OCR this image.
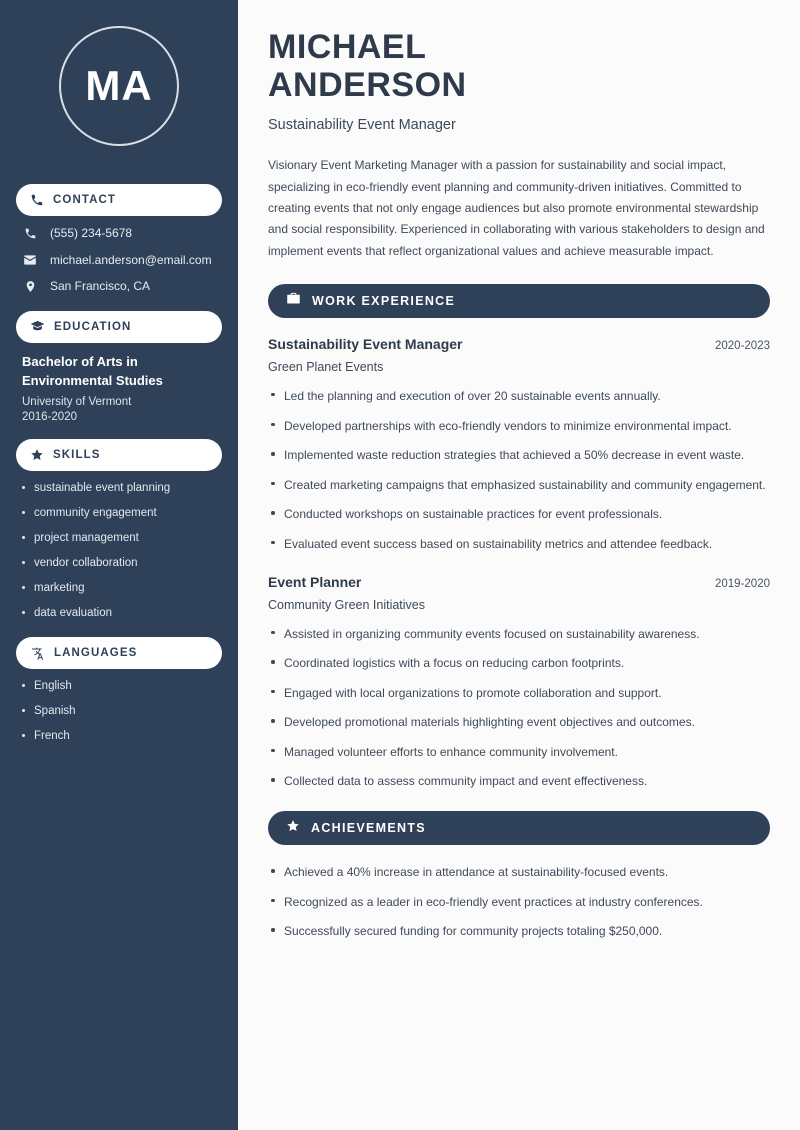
MA
CONTACT
(555) 234-5678
michael.anderson@email.com
San Francisco, CA
EDUCATION
Bachelor of Arts in Environmental Studies
University of Vermont
2016-2020
SKILLS
sustainable event planning
community engagement
project management
vendor collaboration
marketing
data evaluation
LANGUAGES
English
Spanish
French
MICHAEL
ANDERSON
Sustainability Event Manager

Visionary Event Marketing Manager with a passion for sustainability and social impact, specializing in eco-friendly event planning and community-driven initiatives. Committed to creating events that not only engage audiences but also promote environmental stewardship and social responsibility. Experienced in collaborating with various stakeholders to design and implement events that reflect organizational values and achieve measurable impact.

WORK EXPERIENCE
Sustainability Event Manager	2020-2023
Green Planet Events
Led the planning and execution of over 20 sustainable events annually.
Developed partnerships with eco-friendly vendors to minimize environmental impact.
Implemented waste reduction strategies that achieved a 50% decrease in event waste.
Created marketing campaigns that emphasized sustainability and community engagement.
Conducted workshops on sustainable practices for event professionals.
Evaluated event success based on sustainability metrics and attendee feedback.
Event Planner	2019-2020
Community Green Initiatives
Assisted in organizing community events focused on sustainability awareness.
Coordinated logistics with a focus on reducing carbon footprints.
Engaged with local organizations to promote collaboration and support.
Developed promotional materials highlighting event objectives and outcomes.
Managed volunteer efforts to enhance community involvement.
Collected data to assess community impact and event effectiveness.
ACHIEVEMENTS
Achieved a 40% increase in attendance at sustainability-focused events.
Recognized as a leader in eco-friendly event practices at industry conferences.
Successfully secured funding for community projects totaling $250,000.
